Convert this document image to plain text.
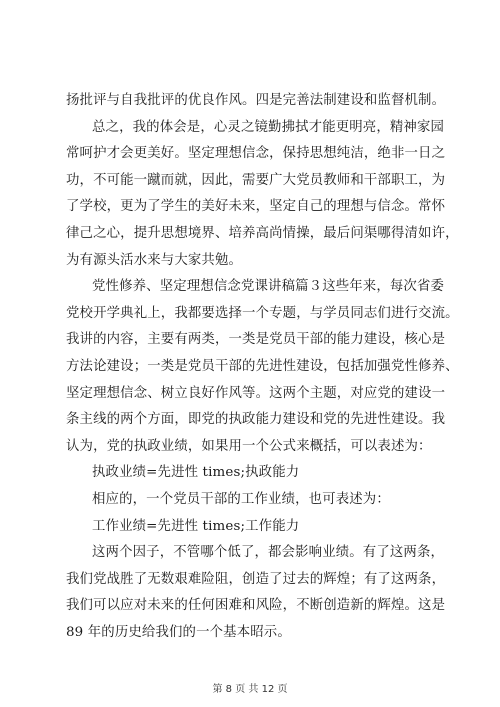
扬批评与自我批评的优良作风。四是完善法制建设和监督机制。
总之，我的体会是，心灵之镜勤拂拭才能更明亮，精神家园
常呵护才会更美好。坚定理想信念，保持思想纯洁，绝非一日之
功，不可能一蹴而就，因此，需要广大党员教师和干部职工，为
了学校，更为了学生的美好未来，坚定自己的理想与信念。常怀
律己之心，提升思想境界、培养高尚情操，最后问渠哪得清如许，
为有源头活水来与大家共勉。
党性修养、坚定理想信念党课讲稿篇３这些年来，每次省委
党校开学典礼上，我都要选择一个专题，与学员同志们进行交流。
我讲的内容，主要有两类，一类是党员干部的能力建设，核心是
方法论建设；一类是党员干部的先进性建设，包括加强党性修养、
坚定理想信念、树立良好作风等。这两个主题，对应党的建设一
条主线的两个方面，即党的执政能力建设和党的先进性建设。我
认为，党的执政业绩，如果用一个公式来概括，可以表述为：
执政业绩=先进性 times;执政能力
相应的，一个党员干部的工作业绩，也可表述为：
工作业绩=先进性 times;工作能力
这两个因子，不管哪个低了，都会影响业绩。有了这两条，
我们党战胜了无数艰难险阻，创造了过去的辉煌；有了这两条，
我们可以应对未来的任何困难和风险，不断创造新的辉煌。这是
89 年的历史给我们的一个基本昭示。
第 8 页 共 12 页
